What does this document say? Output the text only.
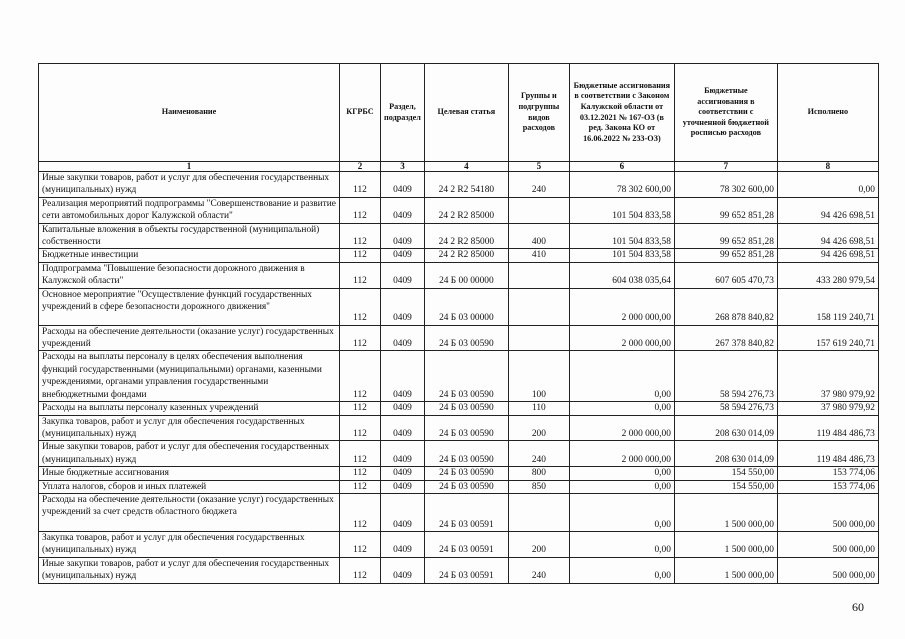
Наименование	КГРБС	Раздел, подраздел	Целевая статья	Группы и подгруппы видов расходов	Бюджетные ассигнования в соответствии с Законом Калужской области от 03.12.2021 № 167-ОЗ (в ред. Закона КО от 16.06.2022 № 233-ОЗ)	Бюджетные ассигнования в соответствии с уточненной бюджетной росписью расходов	Исполнено
1	2	3	4	5	6	7	8
Иные закупки товаров, работ и услуг для обеспечения государственных (муниципальных) нужд	112	0409	24 2 R2 54180	240	78 302 600,00	78 302 600,00	0,00
Реализация мероприятий подпрограммы "Совершенствование и развитие сети автомобильных дорог Калужской области"	112	0409	24 2 R2 85000		101 504 833,58	99 652 851,28	94 426 698,51
Капитальные вложения в объекты государственной (муниципальной) собственности	112	0409	24 2 R2 85000	400	101 504 833,58	99 652 851,28	94 426 698,51
Бюджетные инвестиции	112	0409	24 2 R2 85000	410	101 504 833,58	99 652 851,28	94 426 698,51
Подпрограмма "Повышение безопасности дорожного движения в Калужской области"	112	0409	24 Б 00 00000		604 038 035,64	607 605 470,73	433 280 979,54
Основное мероприятие "Осуществление функций государственных учреждений в сфере безопасности дорожного движения"	112	0409	24 Б 03 00000		2 000 000,00	268 878 840,82	158 119 240,71
Расходы на обеспечение деятельности (оказание услуг) государственных учреждений	112	0409	24 Б 03 00590		2 000 000,00	267 378 840,82	157 619 240,71
Расходы на выплаты персоналу в целях обеспечения выполнения функций государственными (муниципальными) органами, казенными учреждениями, органами управления государственными внебюджетными фондами	112	0409	24 Б 03 00590	100	0,00	58 594 276,73	37 980 979,92
Расходы на выплаты персоналу казенных учреждений	112	0409	24 Б 03 00590	110	0,00	58 594 276,73	37 980 979,92
Закупка товаров, работ и услуг для обеспечения государственных (муниципальных) нужд	112	0409	24 Б 03 00590	200	2 000 000,00	208 630 014,09	119 484 486,73
Иные закупки товаров, работ и услуг для обеспечения государственных (муниципальных) нужд	112	0409	24 Б 03 00590	240	2 000 000,00	208 630 014,09	119 484 486,73
Иные бюджетные ассигнования	112	0409	24 Б 03 00590	800	0,00	154 550,00	153 774,06
Уплата налогов, сборов и иных платежей	112	0409	24 Б 03 00590	850	0,00	154 550,00	153 774,06
Расходы на обеспечение деятельности (оказание услуг) государственных учреждений за счет средств областного бюджета	112	0409	24 Б 03 00591		0,00	1 500 000,00	500 000,00
Закупка товаров, работ и услуг для обеспечения государственных (муниципальных) нужд	112	0409	24 Б 03 00591	200	0,00	1 500 000,00	500 000,00
Иные закупки товаров, работ и услуг для обеспечения государственных (муниципальных) нужд	112	0409	24 Б 03 00591	240	0,00	1 500 000,00	500 000,00
60
